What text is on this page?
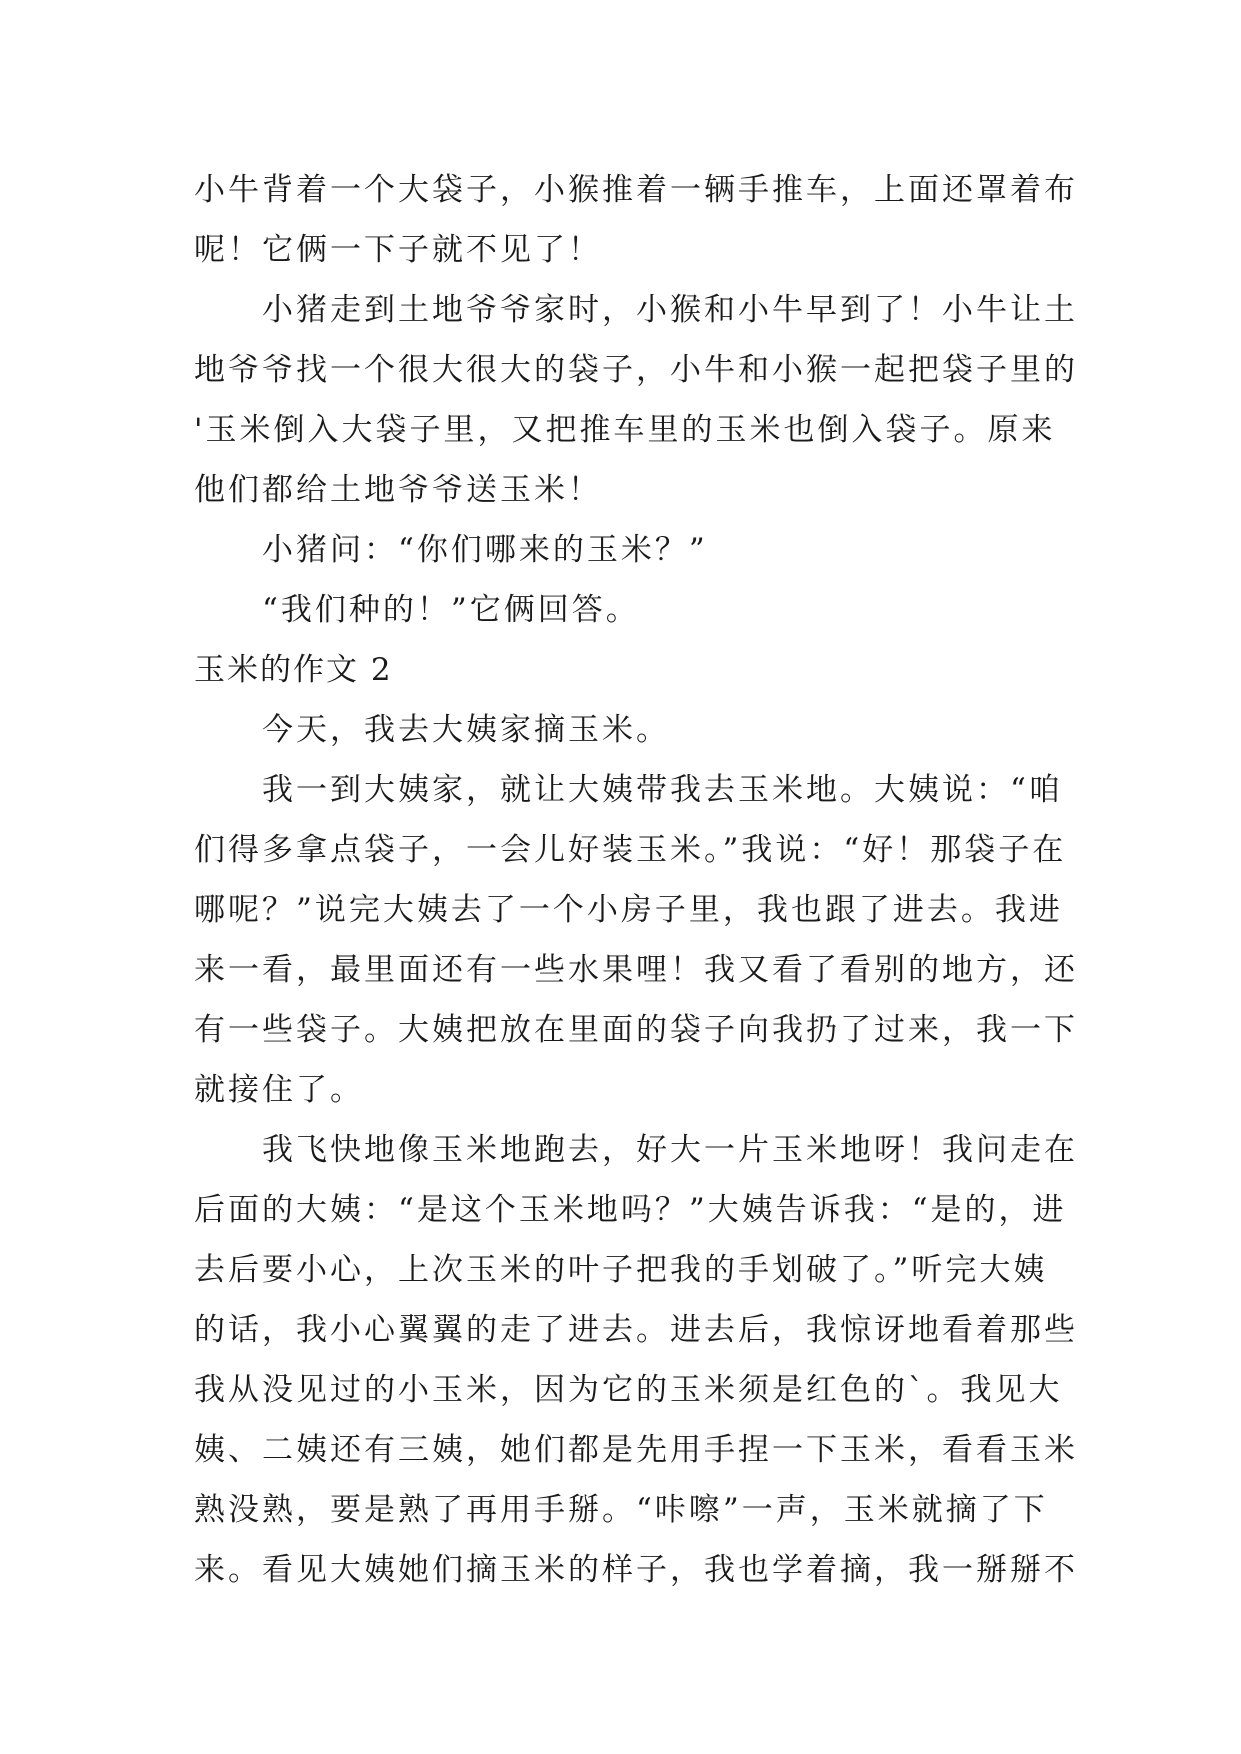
小牛背着一个大袋子，小猴推着一辆手推车，上面还罩着布
呢！它俩一下子就不见了！
小猪走到土地爷爷家时，小猴和小牛早到了！小牛让土
地爷爷找一个很大很大的袋子，小牛和小猴一起把袋子里的
'玉米倒入大袋子里，又把推车里的玉米也倒入袋子。原来
他们都给土地爷爷送玉米！
小猪问：“你们哪来的玉米？”
“我们种的！”它俩回答。
玉米的作文 2
今天，我去大姨家摘玉米。
我一到大姨家，就让大姨带我去玉米地。大姨说：“咱
们得多拿点袋子，一会儿好装玉米。”我说：“好！那袋子在
哪呢？”说完大姨去了一个小房子里，我也跟了进去。我进
来一看，最里面还有一些水果哩！我又看了看别的地方，还
有一些袋子。大姨把放在里面的袋子向我扔了过来，我一下
就接住了。
我飞快地像玉米地跑去，好大一片玉米地呀！我问走在
后面的大姨：“是这个玉米地吗？”大姨告诉我：“是的，进
去后要小心，上次玉米的叶子把我的手划破了。”听完大姨
的话，我小心翼翼的走了进去。进去后，我惊讶地看着那些
我从没见过的小玉米，因为它的玉米须是红色的`。我见大
姨、二姨还有三姨，她们都是先用手捏一下玉米，看看玉米
熟没熟，要是熟了再用手掰。“咔嚓”一声，玉米就摘了下
来。看见大姨她们摘玉米的样子，我也学着摘，我一掰掰不
